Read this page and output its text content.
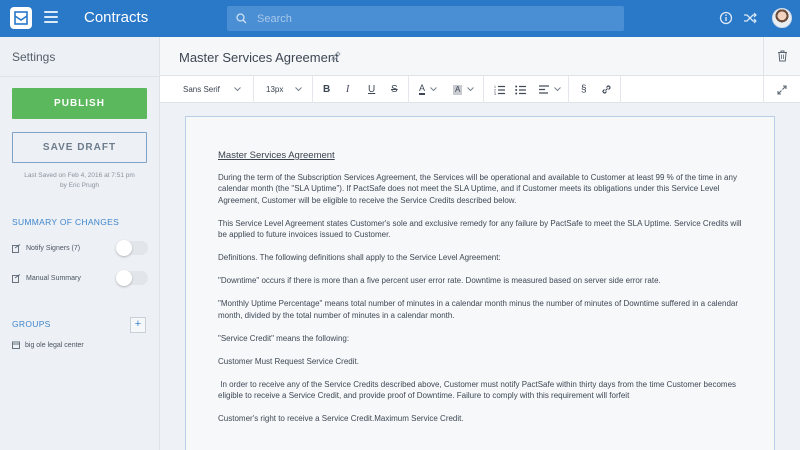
Contracts
Search
Settings
PUBLISH
SAVE DRAFT
Last Saved on Feb 4, 2016 at 7:51 pm
by Eric Prugh
SUMMARY OF CHANGES
Notify Signers (7)
Manual Summary
GROUPS	+
big ole legal center
Master Services Agreement
Sans Serif	13px	B I U S A	A	1
2
3	§
Master Services Agreement

During the term of the Subscription Services Agreement, the Services will be operational and available to Customer at least 99 % of the time in any calendar month (the "SLA Uptime"). If PactSafe does not meet the SLA Uptime, and if Customer meets its obligations under this Service Level Agreement, Customer will be eligible to receive the Service Credits described below.

This Service Level Agreement states Customer's sole and exclusive remedy for any failure by PactSafe to meet the SLA Uptime. Service Credits will be applied to future invoices issued to Customer.

Definitions. The following definitions shall apply to the Service Level Agreement:

"Downtime" occurs if there is more than a five percent user error rate. Downtime is measured based on server side error rate.

"Monthly Uptime Percentage" means total number of minutes in a calendar month minus the number of minutes of Downtime suffered in a calendar month, divided by the total number of minutes in a calendar month.

"Service Credit" means the following:

Customer Must Request Service Credit.

In order to receive any of the Service Credits described above, Customer must notify PactSafe within thirty days from the time Customer becomes eligible to receive a Service Credit, and provide proof of Downtime. Failure to comply with this requirement will forfeit

Customer's right to receive a Service Credit.Maximum Service Credit.
